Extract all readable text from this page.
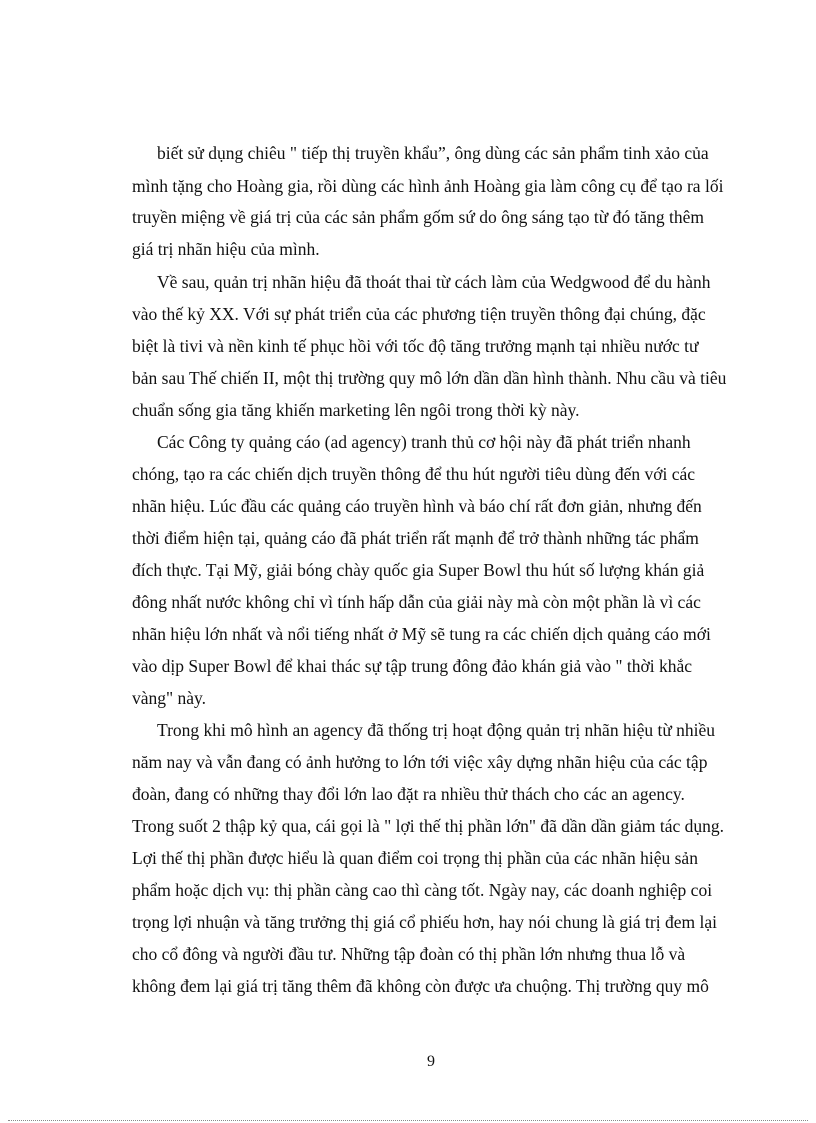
biết sử dụng chiêu " tiếp thị truyền khẩu”, ông dùng các sản phẩm tinh xảo của
mình tặng cho Hoàng gia, rồi dùng các hình ảnh Hoàng gia làm công cụ để tạo ra lối
truyền miệng về giá trị của các sản phẩm gốm sứ do ông sáng tạo từ đó tăng thêm
giá trị nhãn hiệu của mình.
Về sau, quản trị nhãn hiệu đã thoát thai từ cách làm của Wedgwood để du hành
vào thế kỷ XX. Với sự phát triển của các phương tiện truyền thông đại chúng, đặc
biệt là tivi và nền kinh tế phục hồi với tốc độ tăng trưởng mạnh tại nhiều nước tư
bản sau Thế chiến II, một thị trường quy mô lớn dần dần hình thành. Nhu cầu và tiêu
chuẩn sống gia tăng khiến marketing lên ngôi trong thời kỳ này.
Các Công ty quảng cáo (ad agency) tranh thủ cơ hội này đã phát triển nhanh
chóng, tạo ra các chiến dịch truyền thông để thu hút người tiêu dùng đến với các
nhãn hiệu. Lúc đầu các quảng cáo truyền hình và báo chí rất đơn giản, nhưng đến
thời điểm hiện tại, quảng cáo đã phát triển rất mạnh để trở thành những tác phẩm
đích thực. Tại Mỹ, giải bóng chày quốc gia Super Bowl thu hút số lượng khán giả
đông nhất nước không chỉ vì tính hấp dẫn của giải này mà còn một phần là vì các
nhãn hiệu lớn nhất và nổi tiếng nhất ở Mỹ sẽ tung ra các chiến dịch quảng cáo mới
vào dịp Super Bowl để khai thác sự tập trung đông đảo khán giả vào " thời khắc
vàng" này.
Trong khi mô hình an agency đã thống trị hoạt động quản trị nhãn hiệu từ nhiều
năm nay và vẫn đang có ảnh hưởng to lớn tới việc xây dựng nhãn hiệu của các tập
đoàn, đang có những thay đổi lớn lao đặt ra nhiều thử thách cho các an agency.
Trong suốt 2 thập kỷ qua, cái gọi là " lợi thế thị phần lớn" đã dần dần giảm tác dụng.
Lợi thế thị phần được hiểu là quan điểm coi trọng thị phần của các nhãn hiệu sản
phẩm hoặc dịch vụ: thị phần càng cao thì càng tốt. Ngày nay, các doanh nghiệp coi
trọng lợi nhuận và tăng trưởng thị giá cổ phiếu hơn, hay nói chung là giá trị đem lại
cho cổ đông và người đầu tư. Những tập đoàn có thị phần lớn nhưng thua lỗ và
không đem lại giá trị tăng thêm đã không còn được ưa chuộng. Thị trường quy mô
9
